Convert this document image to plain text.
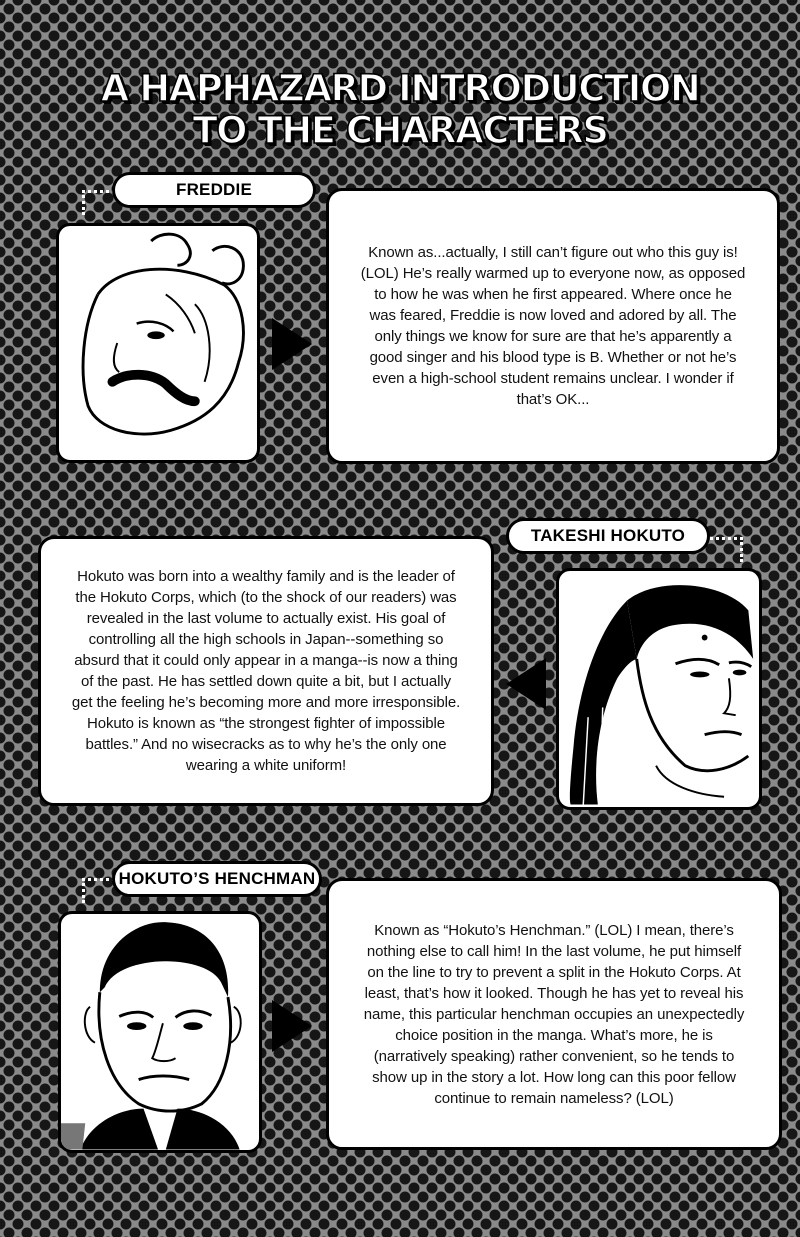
A HAPHAZARD INTRODUCTION
TO THE CHARACTERS
FREDDIE

Known as...actually, I still can’t figure out who this guy is! (LOL) He’s really warmed up to everyone now, as opposed to how he was when he first appeared. Where once he was feared, Freddie is now loved and adored by all. The only things we know for sure are that he’s apparently a good singer and his blood type is B. Whether or not he’s even a high-school student remains unclear. I wonder if that’s OK...

TAKESHI HOKUTO

Hokuto was born into a wealthy family and is the leader of the Hokuto Corps, which (to the shock of our readers) was revealed in the last volume to actually exist. His goal of controlling all the high schools in Japan--something so absurd that it could only appear in a manga--is now a thing of the past. He has settled down quite a bit, but I actually get the feeling he’s becoming more and more irresponsible. Hokuto is known as “the strongest fighter of impossible battles.” And no wisecracks as to why he’s the only one wearing a white uniform!

HOKUTO’S HENCHMAN

Known as “Hokuto’s Henchman.” (LOL) I mean, there’s nothing else to call him! In the last volume, he put himself on the line to try to prevent a split in the Hokuto Corps. At least, that’s how it looked. Though he has yet to reveal his name, this particular henchman occupies an unexpectedly choice position in the manga. What’s more, he is (narratively speaking) rather convenient, so he tends to show up in the story a lot. How long can this poor fellow continue to remain nameless? (LOL)
